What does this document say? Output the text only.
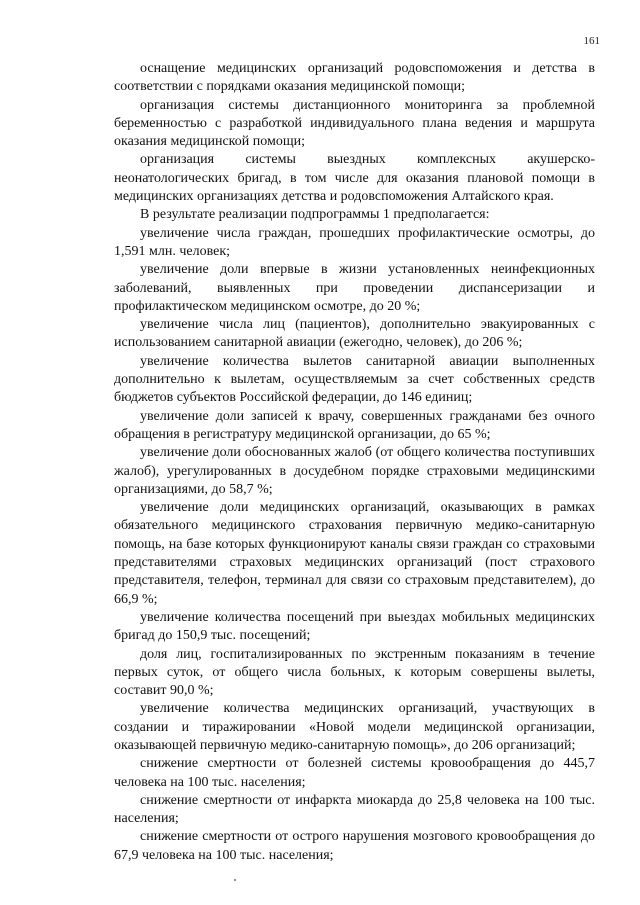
161

оснащение медицинских организаций родовспоможения и детства в соответствии с порядками оказания медицинской помощи;

организация системы дистанционного мониторинга за проблемной беременностью с разработкой индивидуального плана ведения и маршрута оказания медицинской помощи;

организация системы выездных комплексных акушерско-неонатологических бригад, в том числе для оказания плановой помощи в медицинских организациях детства и родовспоможения Алтайского края.

В результате реализации подпрограммы 1 предполагается:

увеличение числа граждан, прошедших профилактические осмотры, до 1,591 млн. человек;

увеличение доли впервые в жизни установленных неинфекционных заболеваний, выявленных при проведении диспансеризации и профилактическом медицинском осмотре, до 20 %;

увеличение числа лиц (пациентов), дополнительно эвакуированных с использованием санитарной авиации (ежегодно, человек), до 206 %;

увеличение количества вылетов санитарной авиации выполненных дополнительно к вылетам, осуществляемым за счет собственных средств бюджетов субъектов Российской федерации, до 146 единиц;

увеличение доли записей к врачу, совершенных гражданами без очного обращения в регистратуру медицинской организации, до 65 %;

увеличение доли обоснованных жалоб (от общего количества поступивших жалоб), урегулированных в досудебном порядке страховыми медицинскими организациями, до 58,7 %;

увеличение доли медицинских организаций, оказывающих в рамках обязательного медицинского страхования первичную медико-санитарную помощь, на базе которых функционируют каналы связи граждан со страховыми представителями страховых медицинских организаций (пост страхового представителя, телефон, терминал для связи со страховым представителем), до 66,9 %;

увеличение количества посещений при выездах мобильных медицинских бригад до 150,9 тыс. посещений;

доля лиц, госпитализированных по экстренным показаниям в течение первых суток, от общего числа больных, к которым совершены вылеты, составит 90,0 %;

увеличение количества медицинских организаций, участвующих в создании и тиражировании «Новой модели медицинской организации, оказывающей первичную медико-санитарную помощь», до 206 организаций;

снижение смертности от болезней системы кровообращения до 445,7 человека на 100 тыс. населения;

снижение смертности от инфаркта миокарда до 25,8 человека на 100 тыс. населения;

снижение смертности от острого нарушения мозгового кровообращения до 67,9 человека на 100 тыс. населения;
